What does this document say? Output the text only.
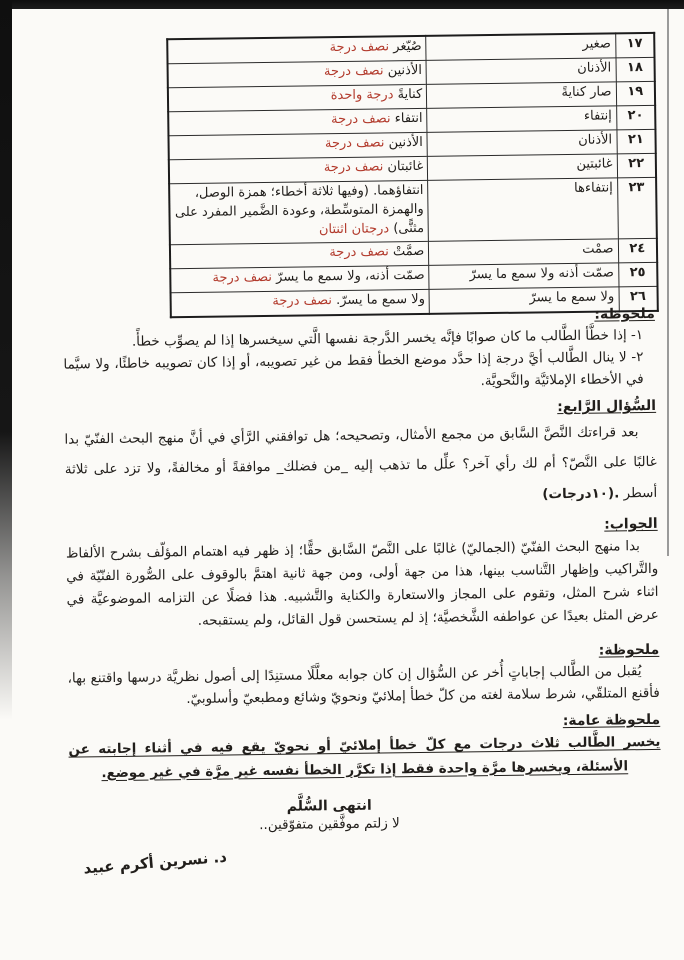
١٧	صغير	صُيّغر نصف درجة
١٨	الأذنان	الأذنين نصف درجة
١٩	صار كنايةً	كنايةً درجة واحدة
٢٠	إنتفاء	انتفاء نصف درجة
٢١	الأذنان	الأذنين نصف درجة
٢٢	غائبتين	غائبتان نصف درجة
٢٣	إنتفاءها	انتفاؤهما. (وفيها ثلاثة أخطاء؛ همزة الوصل، والهمزة المتوسِّطة، وعودة الضَّمير المفرد على مثنًّى) درجتان اثنتان
٢٤	صمْت	صمَّتْ نصف درجة
٢٥	صمّت أذنه ولا سمع ما يسرّ	صمّت أذنه، ولا سمع ما يسرّ نصف درجة
٢٦	ولا سمع ما يسرّ	ولا سمع ما يسرّ. نصف درجة
ملحوظة:

١- إذا خطَّأ الطَّالب ما كان صوابًا فإنَّه يخسر الدَّرجة نفسها الَّتي سيخسرها إذا لم يصوِّب خطأً.

٢- لا ينال الطَّالب أيَّ درجة إذا حدَّد موضع الخطأ فقط من غير تصويبه، أو إذا كان تصويبه خاطئًا، ولا سيَّما في الأخطاء الإملائيَّة والنَّحويَّة.

السُّؤال الرَّابع:

بعد قراءتك النَّصَّ السَّابق من مجمع الأمثال، وتصحيحه؛ هل توافقني الرَّأي في أنَّ منهج البحث الفنّيّ بدا غالبًا على النَّصّ؟ أم لك رأي آخر؟ علِّل ما تذهب إليه _من فضلك_ موافقةً أو مخالفةً، ولا تزد على ثلاثة أسطر .(١٠درجات)

الجواب:

بدا منهج البحث الفنّيّ (الجماليّ) غالبًا على النَّصّ السَّابق حقًّا؛ إذ ظهر فيه اهتمام المؤلّف بشرح الألفاظ والتَّراكيب وإظهار التَّناسب بينها، هذا من جهة أولى، ومن جهة ثانية اهتمَّ بالوقوف على الصُّورة الفنّيّة في اثناء شرح المثل، وتقوم على المجاز والاستعارة والكناية والتَّشبيه. هذا فضلًا عن التزامه الموضوعيَّة في عرض المثل بعيدًا عن عواطفه الشَّخصيَّة؛ إذ لم يستحسن قول القائل، ولم يستقبحه.

ملحوظة:

يُقبل من الطَّالب إجاباتٍ أُخر عن السُّؤال إن كان جوابه معلَّلًا مستنِدًا إلى أصول نظريَّة درسها واقتنع بها، فأقنع المتلقّي، شرط سلامة لغته من كلّ خطأ إملائيّ ونحويّ وشائع ومطبعيّ وأسلوبيّ.

ملحوظة عامة:

يخسر الطَّالب ثلاث درجات مع كلّ خطأ إملائيّ أو نحويّ يقع فيه في أثناء إجابته عن الأسئلة، ويخسرها مرَّة واحدة فقط إذا تكرَّر الخطأ نفسه غير مرَّة في غير موضع.

انتهى السُّلَّم

لا زلتم موفَّقين متفوّقين..

د. نسرين أكرم عبيد
